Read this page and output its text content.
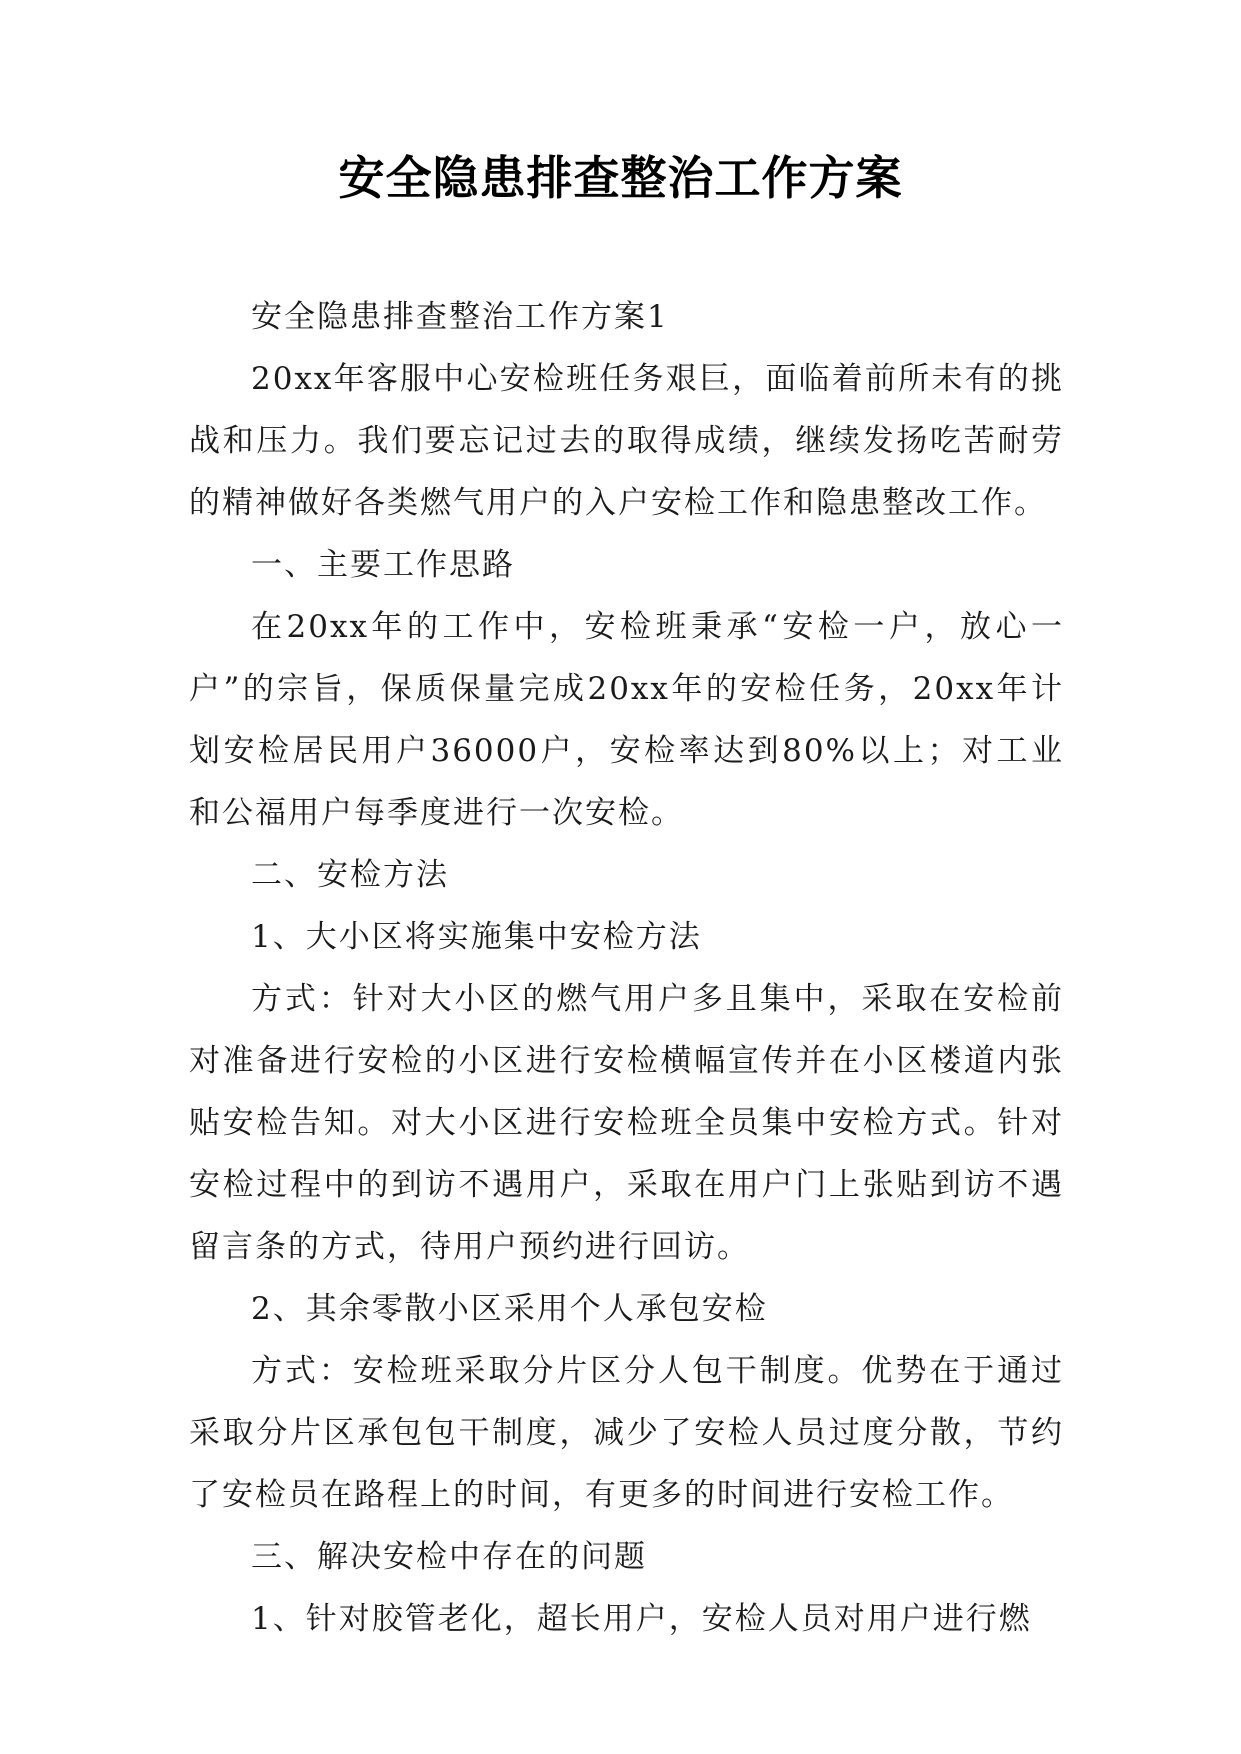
安全隐患排查整治工作方案

安全隐患排查整治工作方案1

20xx年客服中心安检班任务艰巨，面临着前所未有的挑战和压力。我们要忘记过去的取得成绩，继续发扬吃苦耐劳的精神做好各类燃气用户的入户安检工作和隐患整改工作。

一、主要工作思路

在20xx年的工作中，安检班秉承“安检一户，放心一户”的宗旨，保质保量完成20xx年的安检任务，20xx年计划安检居民用户36000户，安检率达到80%以上；对工业和公福用户每季度进行一次安检。

二、安检方法

1、大小区将实施集中安检方法

方式：针对大小区的燃气用户多且集中，采取在安检前对准备进行安检的小区进行安检横幅宣传并在小区楼道内张贴安检告知。对大小区进行安检班全员集中安检方式。针对安检过程中的到访不遇用户，采取在用户门上张贴到访不遇留言条的方式，待用户预约进行回访。

2、其余零散小区采用个人承包安检

方式：安检班采取分片区分人包干制度。优势在于通过采取分片区承包包干制度，减少了安检人员过度分散，节约了安检员在路程上的时间，有更多的时间进行安检工作。

三、解决安检中存在的问题

1、针对胶管老化，超长用户，安检人员对用户进行燃
